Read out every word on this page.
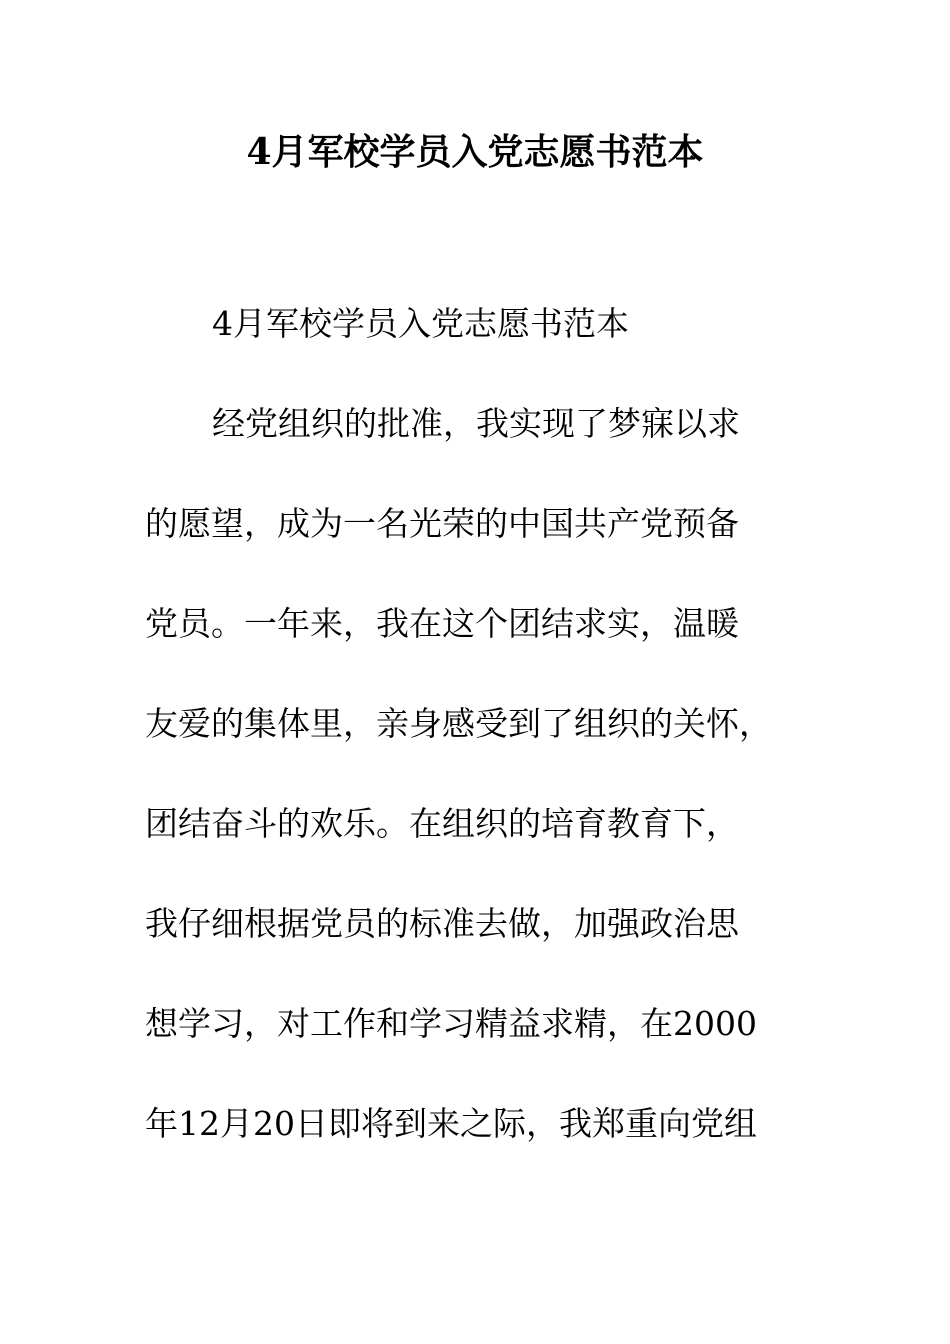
4月军校学员入党志愿书范本
4月军校学员入党志愿书范本
经党组织的批准，我实现了梦寐以求
的愿望，成为一名光荣的中国共产党预备
党员。一年来，我在这个团结求实，温暖
友爱的集体里，亲身感受到了组织的关怀，
团结奋斗的欢乐。在组织的培育教育下，
我仔细根据党员的标准去做，加强政治思
想学习，对工作和学习精益求精，在2000
年12月20日即将到来之际，我郑重向党组
